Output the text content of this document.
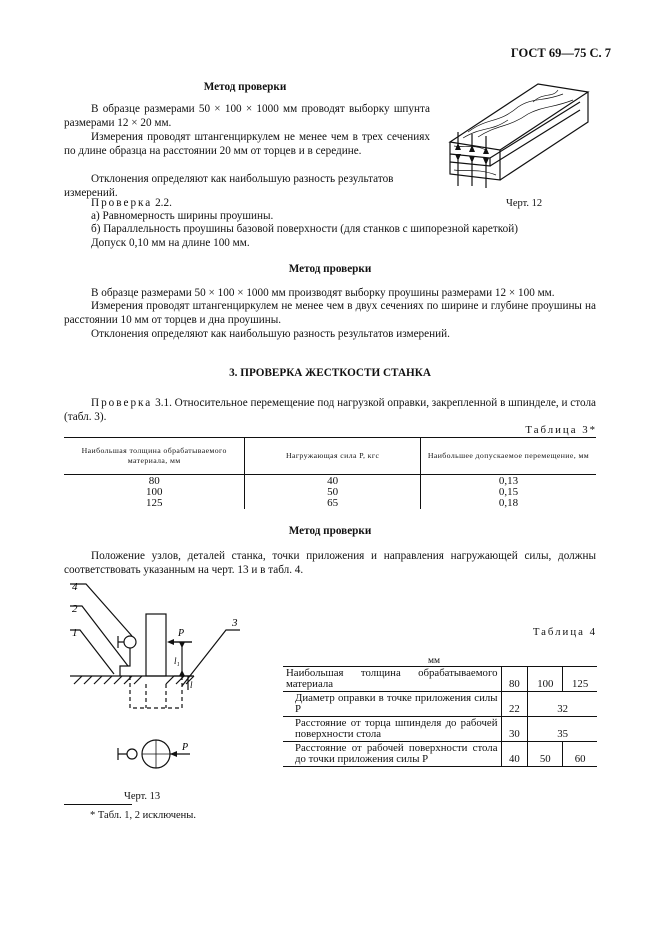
ГОСТ 69—75 С. 7
Метод проверки

В образце размерами 50 × 100 × 1000 мм проводят выборку шпунта размерами 12 × 20 мм.

Измерения проводят штангенциркулем не менее чем в трех сечениях по длине образца на расстоянии 20 мм от торцев и в середине.

Отклонения определяют как наибольшую разность результатов измерений.

Черт. 12

Проверка 2.2.

а) Равномерность ширины проушины.

б) Параллельность проушины базовой поверхности (для станков с шипорезной кареткой)

Допуск 0,10 мм на длине 100 мм.

Метод проверки

В образце размерами 50 × 100 × 1000 мм производят выборку проушины размерами 12 × 100 мм.

Измерения проводят штангенциркулем не менее чем в двух сечениях по ширине и глубине проушины на расстоянии 10 мм от торцев и дна проушины.

Отклонения определяют как наибольшую разность результатов измерений.

3. ПРОВЕРКА ЖЕСТКОСТИ СТАНКА

Проверка 3.1. Относительное перемещение под нагрузкой оправки, закрепленной в шпинделе, и стола (табл. 3).

Таблица 3*
Наибольшая толщина обрабатываемого материала, мм	Нагружающая сила Р, кгс	Наибольшее допускаемое перемещение, мм

80	40	0,13
100	50	0,15
125	65	0,18
Метод проверки

Положение узлов, деталей станка, точки приложения и направления нагружающей силы, должны соответствовать указанным на черт. 13 и в табл. 4.

4
2
1
3
P
l₁
l
P
Черт. 13
Таблица 4
мм
Наибольшая толщина обрабатываемого материала	80	100	125
Диаметр оправки в точке приложения силы Р	22	32	
Расстояние от торца шпинделя до рабочей поверхности стола	30	35	
Расстояние от рабочей поверхности стола до точки приложения силы Р	40	50	60
* Табл. 1, 2 исключены.
